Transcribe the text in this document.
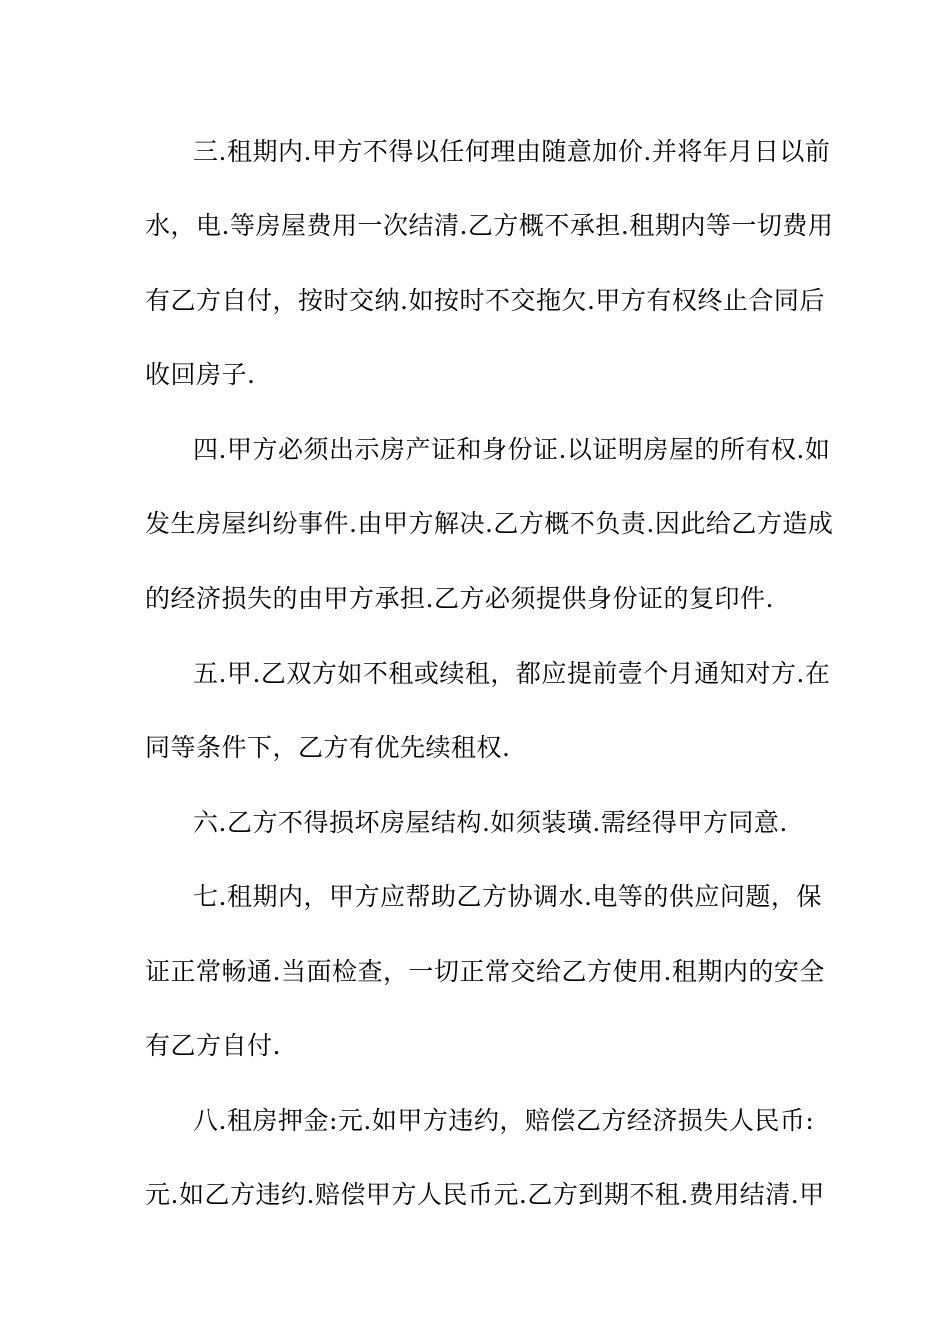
三.租期内.甲方不得以任何理由随意加价.并将年月日以前
水，电.等房屋费用一次结清.乙方概不承担.租期内等一切费用
有乙方自付，按时交纳.如按时不交拖欠.甲方有权终止合同后
收回房子.
四.甲方必须出示房产证和身份证.以证明房屋的所有权.如
发生房屋纠纷事件.由甲方解决.乙方概不负责.因此给乙方造成
的经济损失的由甲方承担.乙方必须提供身份证的复印件.
五.甲.乙双方如不租或续租，都应提前壹个月通知对方.在
同等条件下，乙方有优先续租权.
六.乙方不得损坏房屋结构.如须装璜.需经得甲方同意.
七.租期内，甲方应帮助乙方协调水.电等的供应问题，保
证正常畅通.当面检查，一切正常交给乙方使用.租期内的安全
有乙方自付.
八.租房押金:元.如甲方违约，赔偿乙方经济损失人民币:
元.如乙方违约.赔偿甲方人民币元.乙方到期不租.费用结清.甲
